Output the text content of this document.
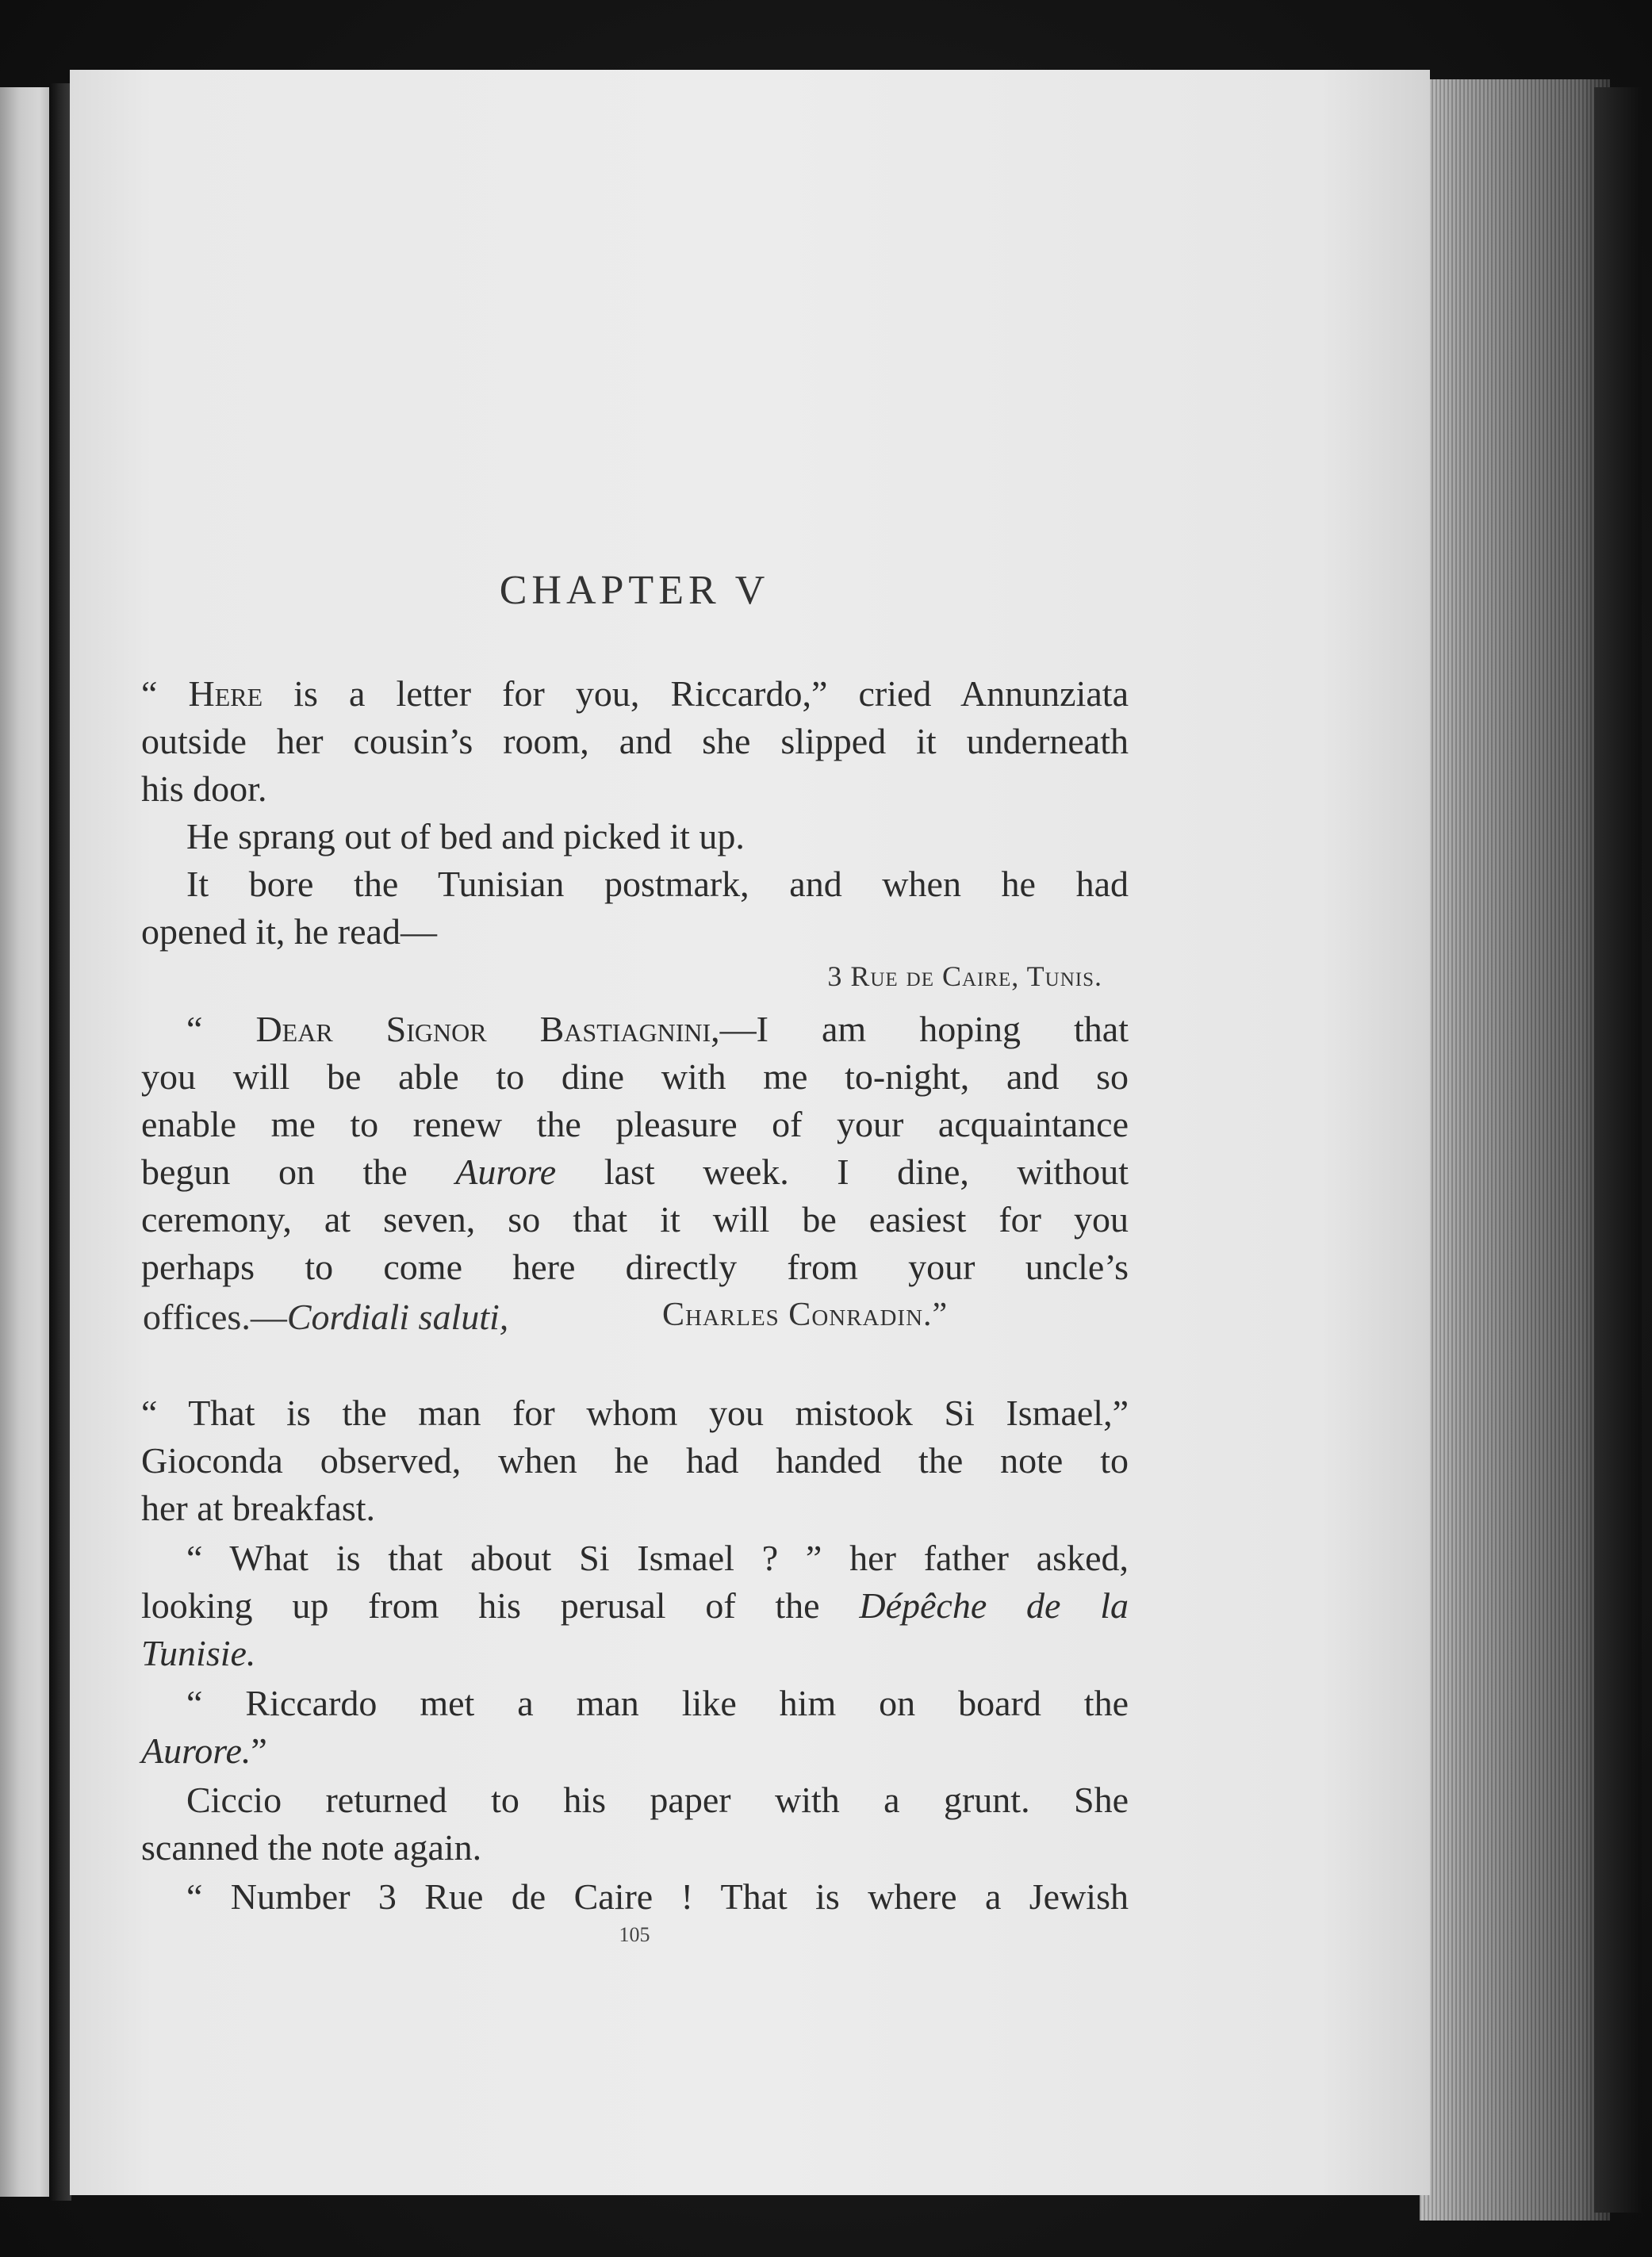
CHAPTER V
“ Here is a letter for you, Riccardo,” cried Annunziata
outside her cousin’s room, and she slipped it underneath
his door.
He sprang out of bed and picked it up.
It bore the Tunisian postmark, and when he had
opened it, he read—
3 Rue de Caire, Tunis.
“ Dear Signor Bastiagnini,—I am hoping that
you will be able to dine with me to-night, and so
enable me to renew the pleasure of your acquaintance
begun on the Aurore last week. I dine, without
ceremony, at seven, so that it will be easiest for you
perhaps to come here directly from your uncle’s
offices.—Cordiali saluti,	Charles Conradin.”
“ That is the man for whom you mistook Si Ismael,”
Gioconda observed, when he had handed the note to
her at breakfast.
“ What is that about Si Ismael ? ” her father asked,
looking up from his perusal of the Dépêche de la
Tunisie.
“ Riccardo met a man like him on board the
Aurore.”
Ciccio returned to his paper with a grunt. She
scanned the note again.
“ Number 3 Rue de Caire ! That is where a Jewish
105
